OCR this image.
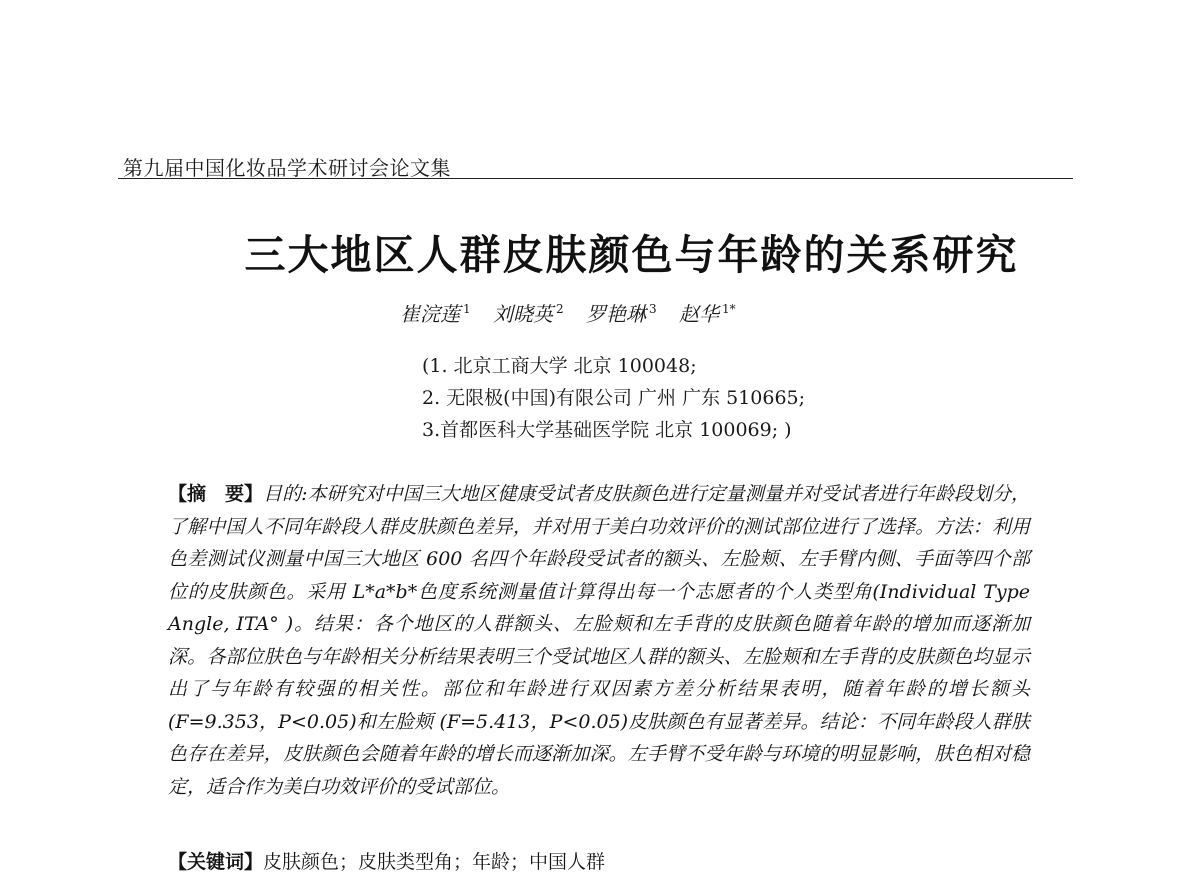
第九届中国化妆品学术研讨会论文集
三大地区人群皮肤颜色与年龄的关系研究
崔浣莲 $^1$ 刘晓英 $^2$ 罗艳琳 $^3$ 赵华 $^{1*}$
(1. 北京工商大学 北京 100048;
2. 无限极(中国)有限公司 广州 广东 510665;
3.首都医科大学基础医学院 北京 100069; )
【摘　要】目的:本研究对中国三大地区健康受试者皮肤颜色进行定量测量并对受试者进行年龄段划分，了解中国人不同年龄段人群皮肤颜色差异，并对用于美白功效评价的测试部位进行了选择。方法：利用色差测试仪测量中国三大地区 600 名四个年龄段受试者的额头、左脸颊、左手臂内侧、手面等四个部位的皮肤颜色。采用 L*a*b*色度系统测量值计算得出每一个志愿者的个人类型角(Individual Type Angle, ITA° )。结果：各个地区的人群额头、左脸颊和左手背的皮肤颜色随着年龄的增加而逐渐加深。各部位肤色与年龄相关分析结果表明三个受试地区人群的额头、左脸颊和左手背的皮肤颜色均显示出了与年龄有较强的相关性。部位和年龄进行双因素方差分析结果表明，随着年龄的增长额头(F=9.353，P<0.05)和左脸颊 (F=5.413，P<0.05)皮肤颜色有显著差异。结论：不同年龄段人群肤色存在差异，皮肤颜色会随着年龄的增长而逐渐加深。左手臂不受年龄与环境的明显影响，肤色相对稳定，适合作为美白功效评价的受试部位。
【关键词】皮肤颜色；皮肤类型角；年龄；中国人群
